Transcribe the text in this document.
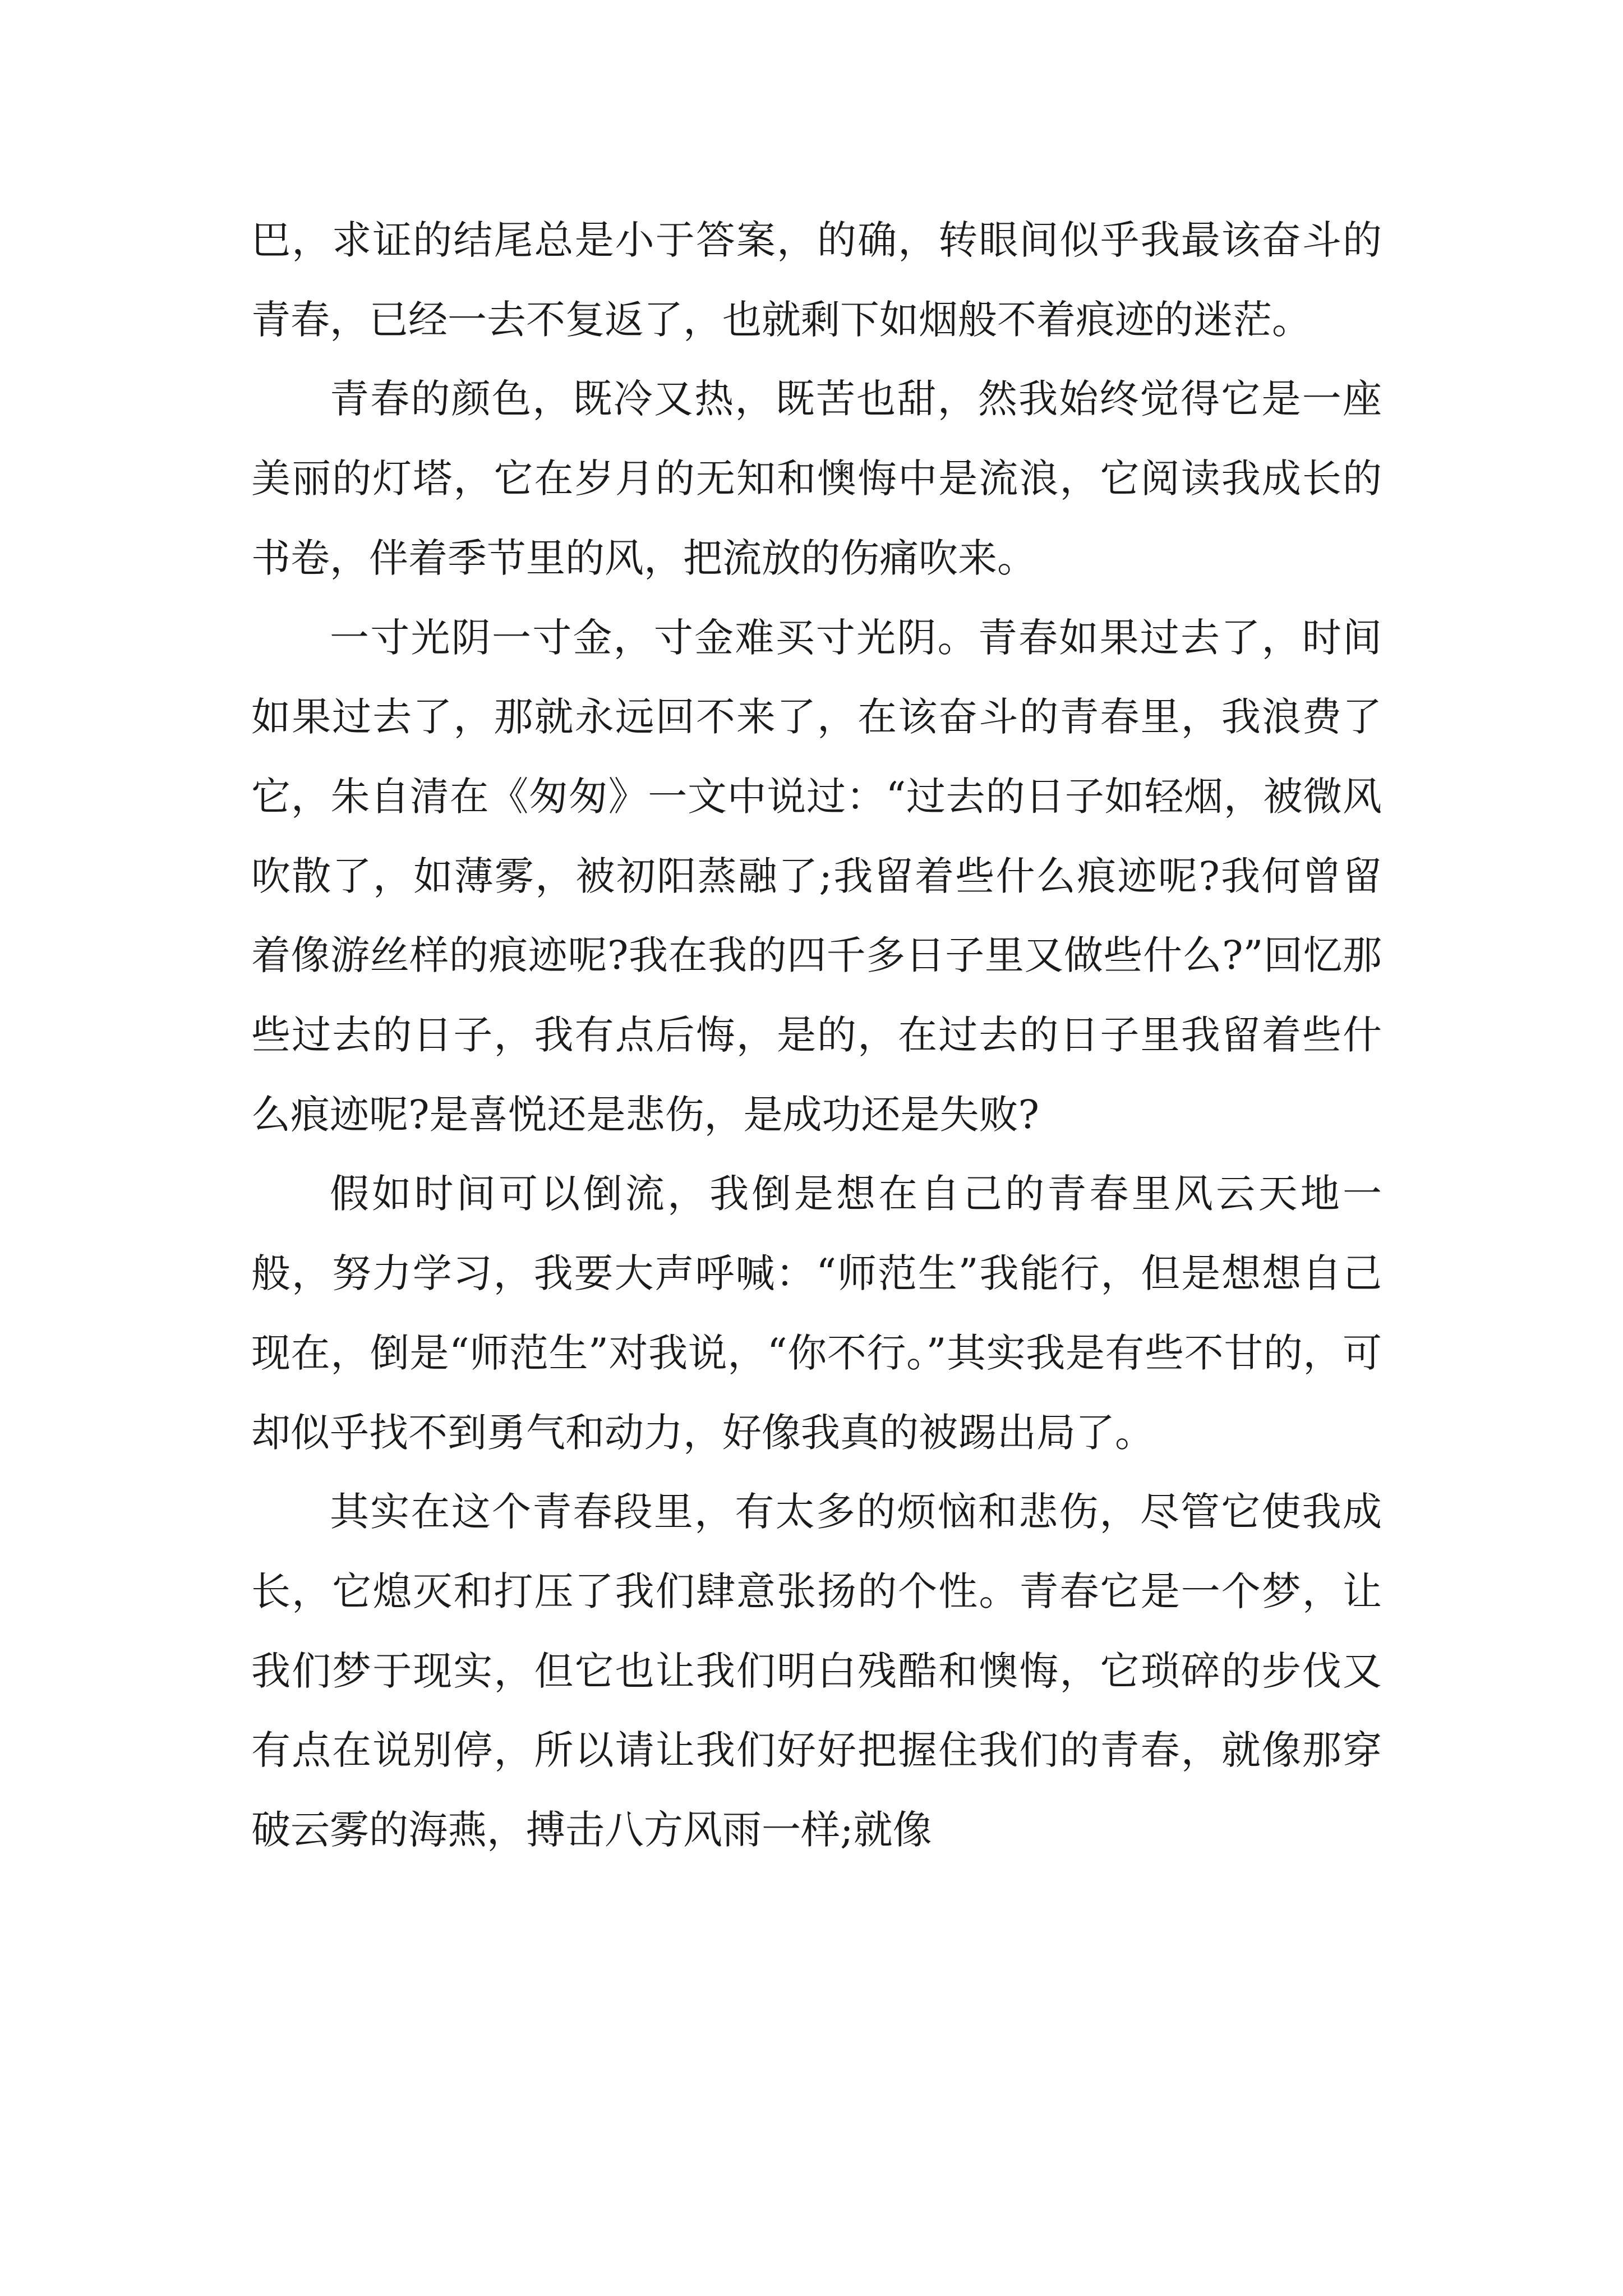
巴，求证的结尾总是小于答案，的确，转眼间似乎我最该奋斗的青春，已经一去不复返了，也就剩下如烟般不着痕迹的迷茫。

青春的颜色，既冷又热，既苦也甜，然我始终觉得它是一座美丽的灯塔，它在岁月的无知和懊悔中是流浪，它阅读我成长的书卷，伴着季节里的风，把流放的伤痛吹来。

一寸光阴一寸金，寸金难买寸光阴。青春如果过去了，时间如果过去了，那就永远回不来了，在该奋斗的青春里，我浪费了它，朱自清在《匆匆》一文中说过：“过去的日子如轻烟，被微风吹散了，如薄雾，被初阳蒸融了;我留着些什么痕迹呢?我何曾留着像游丝样的痕迹呢?我在我的四千多日子里又做些什么?”回忆那些过去的日子，我有点后悔，是的，在过去的日子里我留着些什么痕迹呢?是喜悦还是悲伤，是成功还是失败?

假如时间可以倒流，我倒是想在自己的青春里风云天地一般，努力学习，我要大声呼喊：“师范生”我能行，但是想想自己现在，倒是“师范生”对我说，“你不行。”其实我是有些不甘的，可却似乎找不到勇气和动力，好像我真的被踢出局了。

其实在这个青春段里，有太多的烦恼和悲伤，尽管它使我成长，它熄灭和打压了我们肆意张扬的个性。青春它是一个梦，让我们梦于现实，但它也让我们明白残酷和懊悔，它琐碎的步伐又有点在说别停，所以请让我们好好把握住我们的青春，就像那穿破云雾的海燕，搏击八方风雨一样;就像
